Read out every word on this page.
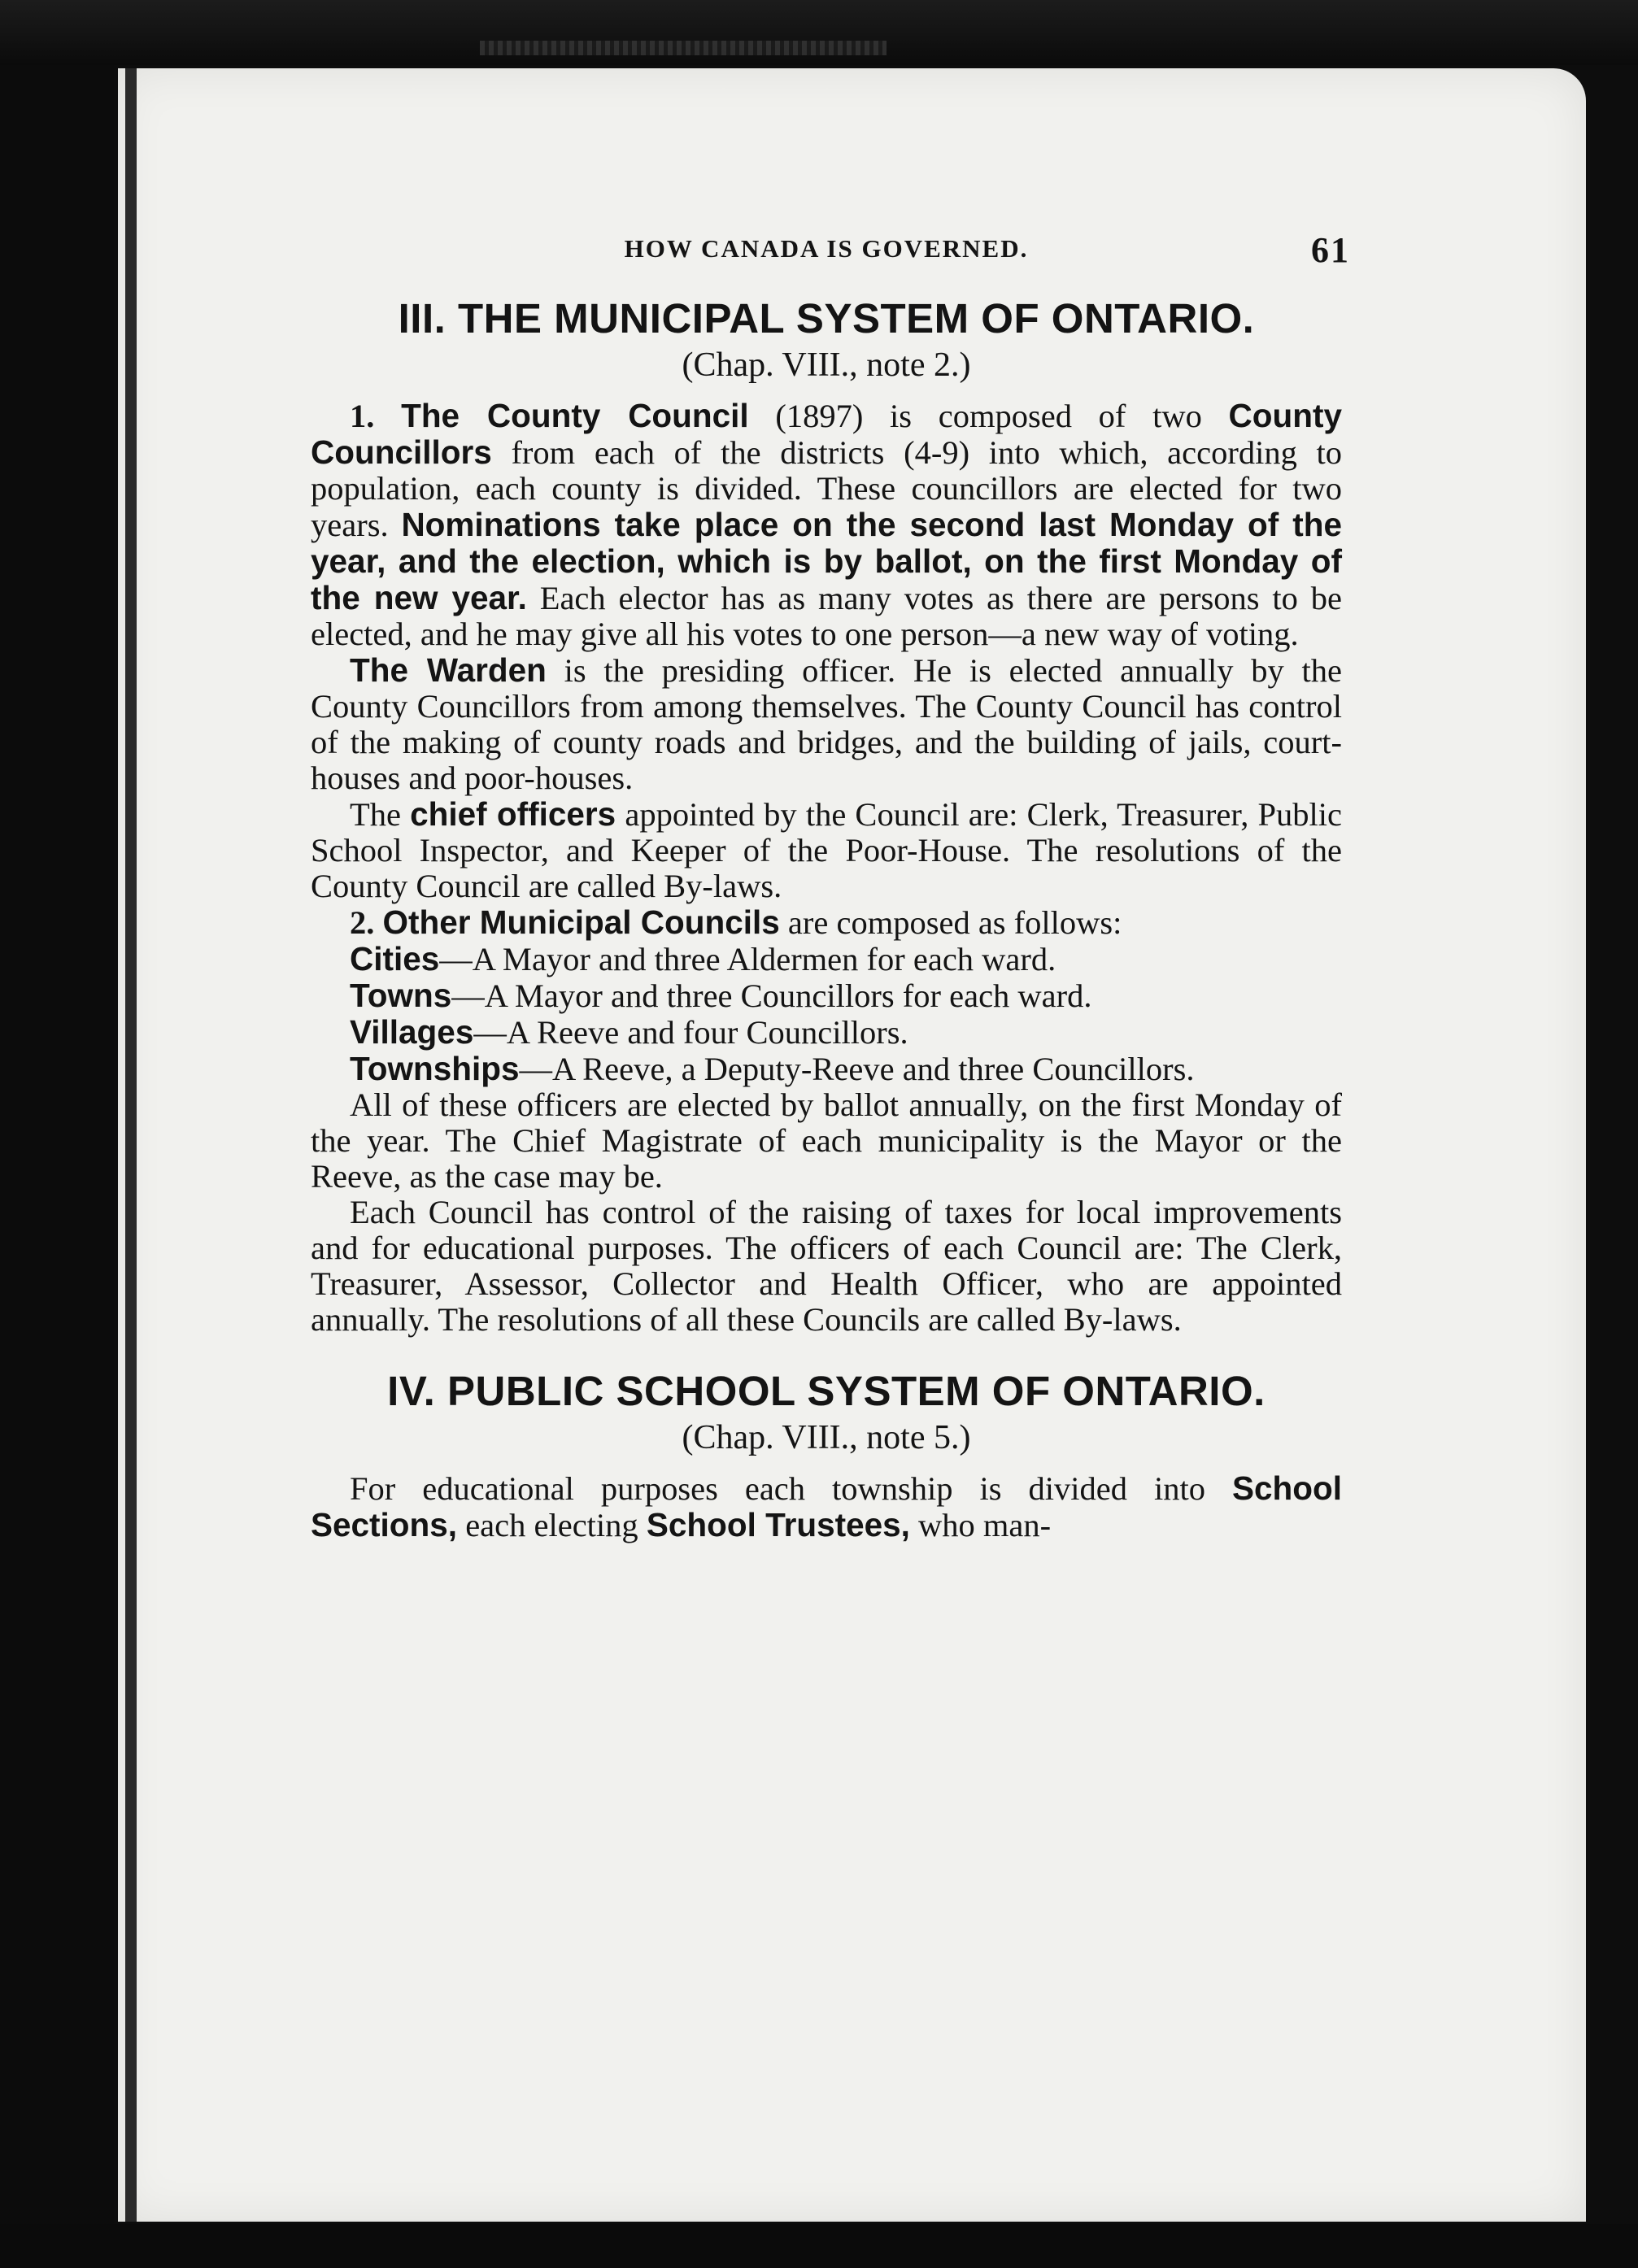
HOW CANADA IS GOVERNED.	61
III. THE MUNICIPAL SYSTEM OF ONTARIO.
(Chap. VIII., note 2.)

1. The County Council (1897) is composed of two County Councillors from each of the districts (4-9) into which, according to population, each county is divided. These councillors are elected for two years. Nominations take place on the second last Monday of the year, and the election, which is by ballot, on the first Monday of the new year. Each elector has as many votes as there are persons to be elected, and he may give all his votes to one person—a new way of voting.

The Warden is the presiding officer. He is elected annually by the County Councillors from among themselves. The County Council has control of the making of county roads and bridges, and the building of jails, court-houses and poor-houses.

The chief officers appointed by the Council are: Clerk, Treasurer, Public School Inspector, and Keeper of the Poor-House. The resolutions of the County Council are called By-laws.

2. Other Municipal Councils are composed as follows:

Cities—A Mayor and three Aldermen for each ward.
Towns—A Mayor and three Councillors for each ward.
Villages—A Reeve and four Councillors.
Townships—A Reeve, a Deputy-Reeve and three Councillors.

All of these officers are elected by ballot annually, on the first Monday of the year. The Chief Magistrate of each municipality is the Mayor or the Reeve, as the case may be.

Each Council has control of the raising of taxes for local improvements and for educational purposes. The officers of each Council are: The Clerk, Treasurer, Assessor, Collector and Health Officer, who are appointed annually. The resolutions of all these Councils are called By-laws.

IV. PUBLIC SCHOOL SYSTEM OF ONTARIO.
(Chap. VIII., note 5.)

For educational purposes each township is divided into School Sections, each electing School Trustees, who man-
